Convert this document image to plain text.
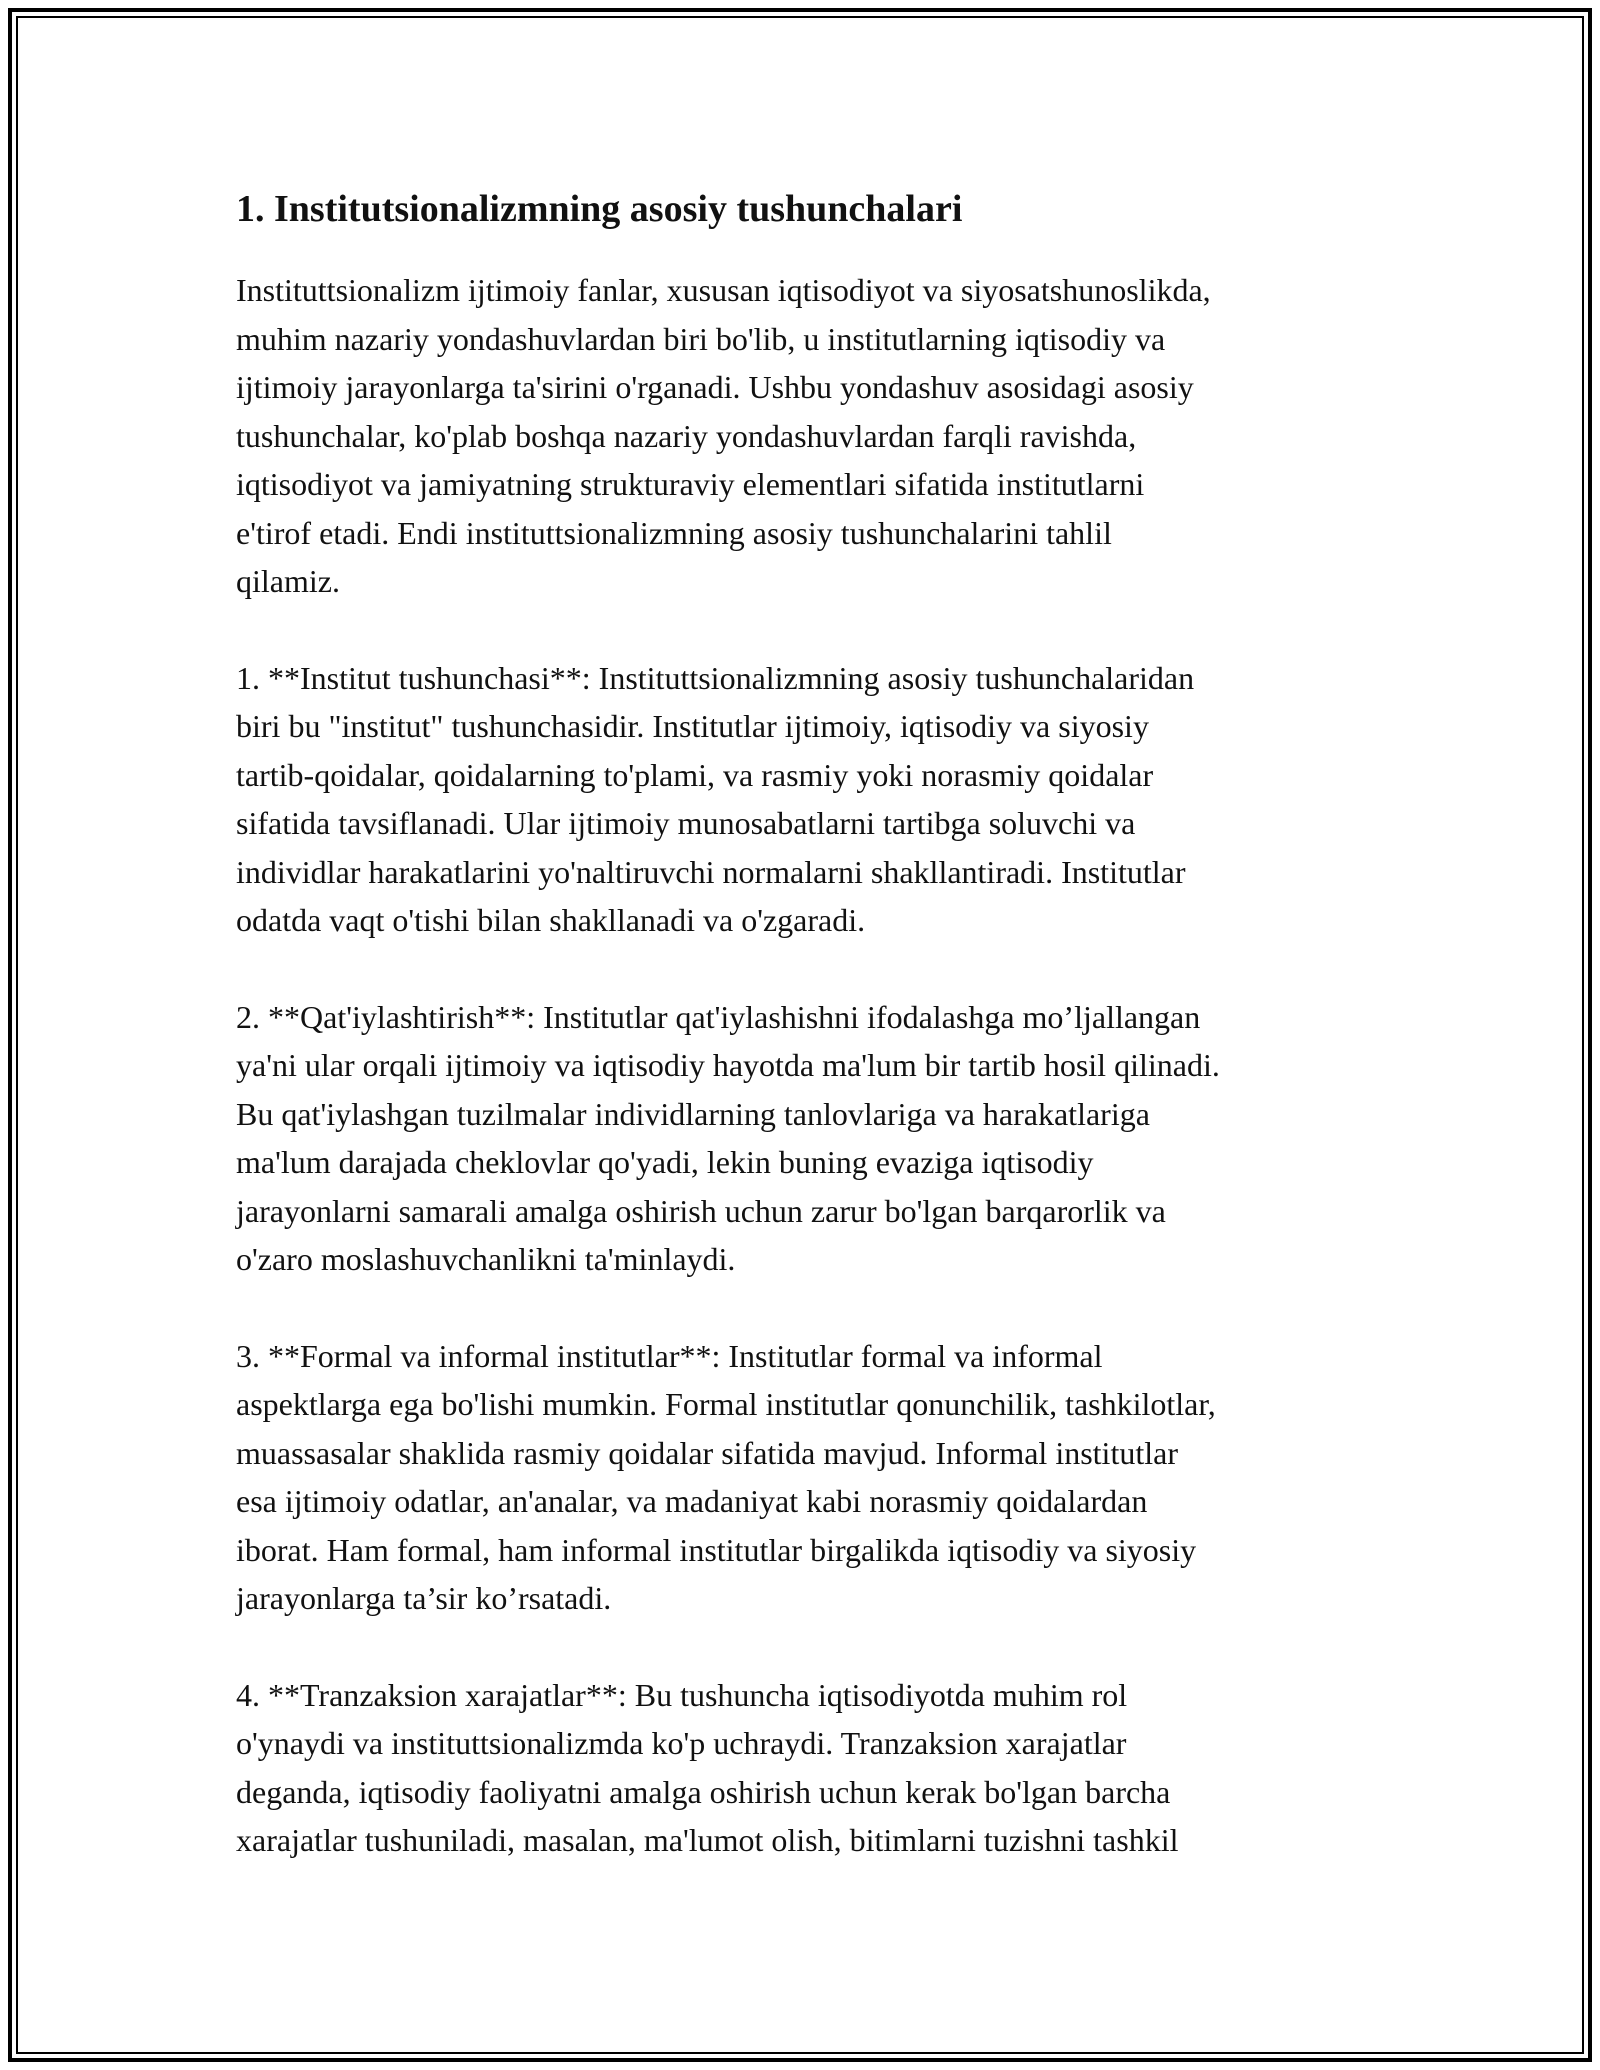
1. Institutsionalizmning asosiy tushunchalari

Instituttsionalizm ijtimoiy fanlar, xususan iqtisodiyot va siyosatshunoslikda,
muhim nazariy yondashuvlardan biri bo'lib, u institutlarning iqtisodiy va
ijtimoiy jarayonlarga ta'sirini o'rganadi. Ushbu yondashuv asosidagi asosiy
tushunchalar, ko'plab boshqa nazariy yondashuvlardan farqli ravishda,
iqtisodiyot va jamiyatning strukturaviy elementlari sifatida institutlarni
e'tirof etadi. Endi instituttsionalizmning asosiy tushunchalarini tahlil
qilamiz.

1. **Institut tushunchasi**: Instituttsionalizmning asosiy tushunchalaridan
biri bu "institut" tushunchasidir. Institutlar ijtimoiy, iqtisodiy va siyosiy
tartib-qoidalar, qoidalarning to'plami, va rasmiy yoki norasmiy qoidalar
sifatida tavsiflanadi. Ular ijtimoiy munosabatlarni tartibga soluvchi va
individlar harakatlarini yo'naltiruvchi normalarni shakllantiradi. Institutlar
odatda vaqt o'tishi bilan shakllanadi va o'zgaradi.

2. **Qat'iylashtirish**: Institutlar qat'iylashishni ifodalashga mo’ljallangan
ya'ni ular orqali ijtimoiy va iqtisodiy hayotda ma'lum bir tartib hosil qilinadi.
Bu qat'iylashgan tuzilmalar individlarning tanlovlariga va harakatlariga
ma'lum darajada cheklovlar qo'yadi, lekin buning evaziga iqtisodiy
jarayonlarni samarali amalga oshirish uchun zarur bo'lgan barqarorlik va
o'zaro moslashuvchanlikni ta'minlaydi.

3. **Formal va informal institutlar**: Institutlar formal va informal
aspektlarga ega bo'lishi mumkin. Formal institutlar qonunchilik, tashkilotlar,
muassasalar shaklida rasmiy qoidalar sifatida mavjud. Informal institutlar
esa ijtimoiy odatlar, an'analar, va madaniyat kabi norasmiy qoidalardan
iborat. Ham formal, ham informal institutlar birgalikda iqtisodiy va siyosiy
jarayonlarga ta’sir ko’rsatadi.

4. **Tranzaksion xarajatlar**: Bu tushuncha iqtisodiyotda muhim rol
o'ynaydi va instituttsionalizmda ko'p uchraydi. Tranzaksion xarajatlar
deganda, iqtisodiy faoliyatni amalga oshirish uchun kerak bo'lgan barcha
xarajatlar tushuniladi, masalan, ma'lumot olish, bitimlarni tuzishni tashkil
